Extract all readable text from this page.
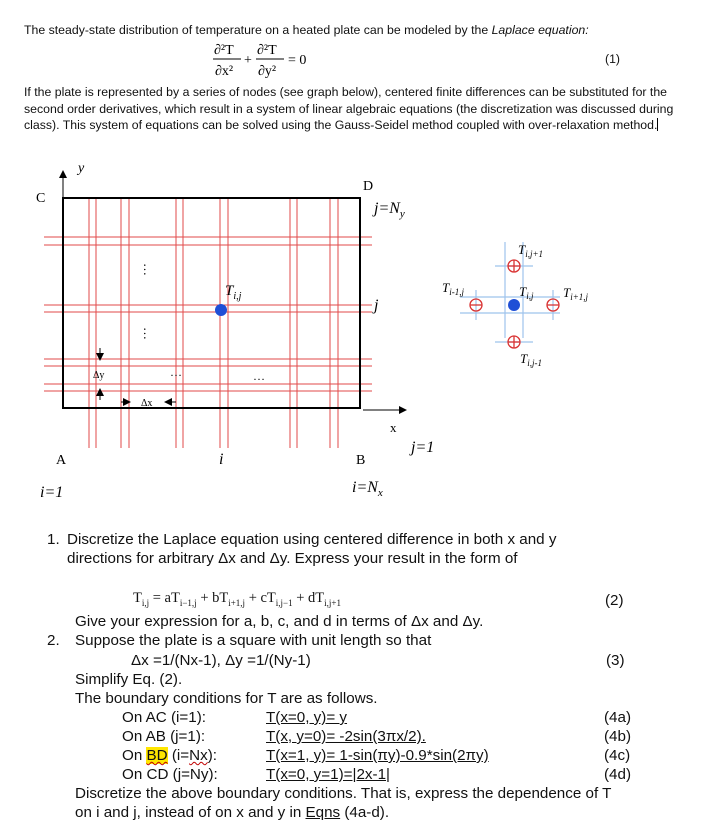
The steady-state distribution of temperature on a heated plate can be modeled by the Laplace equation:

∂²T
∂x²
+
∂²T
∂y²
= 0	(1)

If the plate is represented by a series of nodes (see graph below), centered finite differences can be substituted for the second order derivatives, which result in a system of linear algebraic equations (the discretization was discussed during class). This system of equations can be solved using the Gauss-Seidel method coupled with over-relaxation method.

y
x
C
D
A	B
$j=N_y$
j
j=1
i=1
i
$i=N_x$
$T_{i,j}$
…
…
…	…
Δy
Δx
$T_{i,j+1}$
$T_{i-1,j}$	$T_{i,j}$ $T_{i+1,j}$
$T_{i,j-1}$
1. Discretize the Laplace equation using centered difference in both x and y
directions for arbitrary Δx and Δy. Express your result in the form of
$T_{i,j} = aT_{i-1,j} + bT_{i+1,j} + cT_{i,j-1} + dT_{i,j+1}$	(2)
Give your expression for a, b, c, and d in terms of Δx and Δy.
2. Suppose the plate is a square with unit length so that
Δx =1/(Nx-1), Δy =1/(Ny-1)	(3)
Simplify Eq. (2).
The boundary conditions for T are as follows.
On AC (i=1):	T(x=0, y)= y	(4a)
On AB (j=1):	T(x, y=0)= -2sin(3πx/2).	(4b)
On BD (i=Nx):	T(x=1, y)= 1-sin(πy)-0.9*sin(2πy)	(4c)
On CD (j=Ny):	T(x=0, y=1)=|2x-1|	(4d)
Discretize the above boundary conditions. That is, express the dependence of T
on i and j, instead of on x and y in Eqns (4a-d).
